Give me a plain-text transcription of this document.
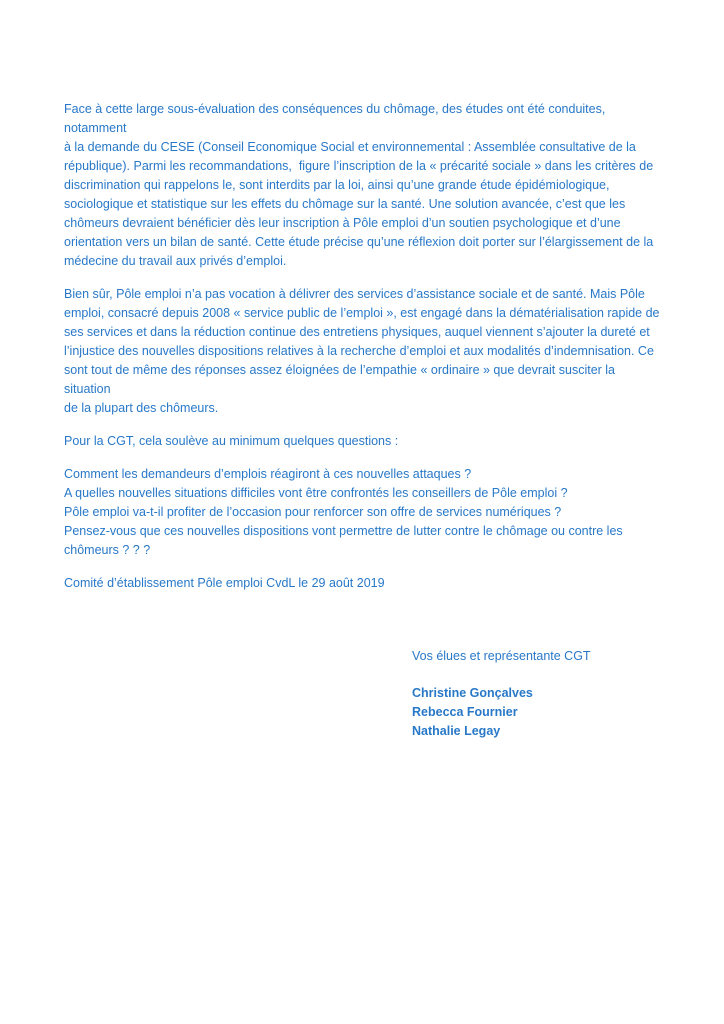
Face à cette large sous-évaluation des conséquences du chômage, des études ont été conduites, notamment
à la demande du CESE (Conseil Economique Social et environnemental : Assemblée consultative de la
république). Parmi les recommandations,  figure l’inscription de la « précarité sociale » dans les critères de
discrimination qui rappelons le, sont interdits par la loi, ainsi qu’une grande étude épidémiologique,
sociologique et statistique sur les effets du chômage sur la santé. Une solution avancée, c’est que les
chômeurs devraient bénéficier dès leur inscription à Pôle emploi d’un soutien psychologique et d’une
orientation vers un bilan de santé. Cette étude précise qu’une réflexion doit porter sur l’élargissement de la
médecine du travail aux privés d’emploi.
Bien sûr, Pôle emploi n’a pas vocation à délivrer des services d’assistance sociale et de santé. Mais Pôle
emploi, consacré depuis 2008 « service public de l’emploi », est engagé dans la dématérialisation rapide de
ses services et dans la réduction continue des entretiens physiques, auquel viennent s’ajouter la dureté et
l’injustice des nouvelles dispositions relatives à la recherche d’emploi et aux modalités d’indemnisation. Ce
sont tout de même des réponses assez éloignées de l’empathie « ordinaire » que devrait susciter la situation
de la plupart des chômeurs.
Pour la CGT, cela soulève au minimum quelques questions :
Comment les demandeurs d’emplois réagiront à ces nouvelles attaques ?
A quelles nouvelles situations difficiles vont être confrontés les conseillers de Pôle emploi ?
Pôle emploi va-t-il profiter de l’occasion pour renforcer son offre de services numériques ?
Pensez-vous que ces nouvelles dispositions vont permettre de lutter contre le chômage ou contre les
chômeurs ? ? ?
Comité d’établissement Pôle emploi CvdL le 29 août 2019
Vos élues et représentante CGT
Christine Gonçalves
Rebecca Fournier
Nathalie Legay
